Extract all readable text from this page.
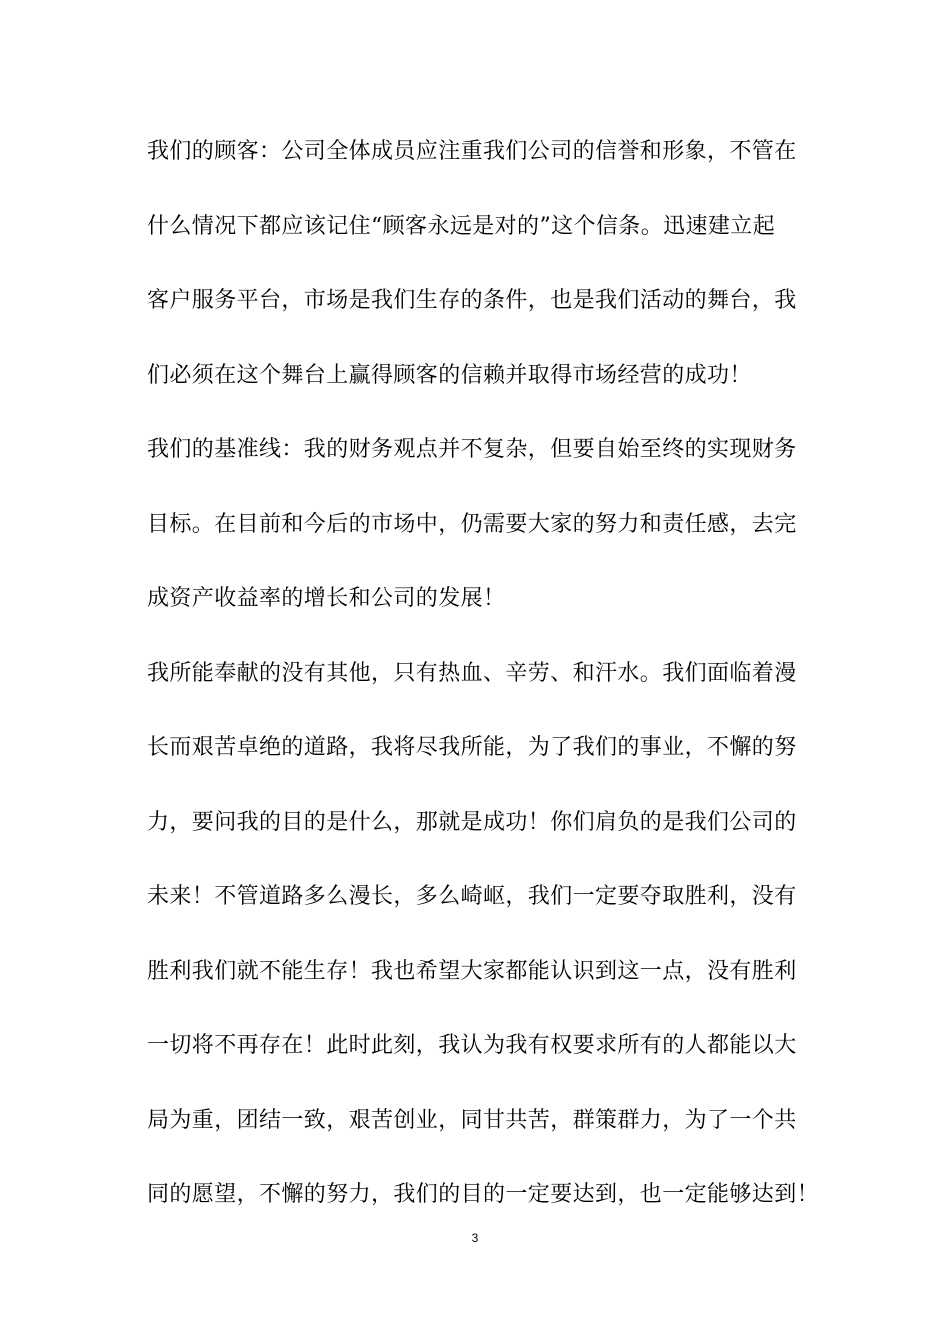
我们的顾客：公司全体成员应注重我们公司的信誉和形象，不管在
什么情况下都应该记住“顾客永远是对的”这个信条。迅速建立起
客户服务平台，市场是我们生存的条件，也是我们活动的舞台，我
们必须在这个舞台上赢得顾客的信赖并取得市场经营的成功！
我们的基准线：我的财务观点并不复杂，但要自始至终的实现财务
目标。在目前和今后的市场中，仍需要大家的努力和责任感，去完
成资产收益率的增长和公司的发展！
我所能奉献的没有其他，只有热血、辛劳、和汗水。我们面临着漫
长而艰苦卓绝的道路，我将尽我所能，为了我们的事业，不懈的努
力，要问我的目的是什么，那就是成功！你们肩负的是我们公司的
未来！不管道路多么漫长，多么崎岖，我们一定要夺取胜利，没有
胜利我们就不能生存！我也希望大家都能认识到这一点，没有胜利
一切将不再存在！此时此刻，我认为我有权要求所有的人都能以大
局为重，团结一致，艰苦创业，同甘共苦，群策群力，为了一个共
同的愿望，不懈的努力，我们的目的一定要达到，也一定能够达到！
3
